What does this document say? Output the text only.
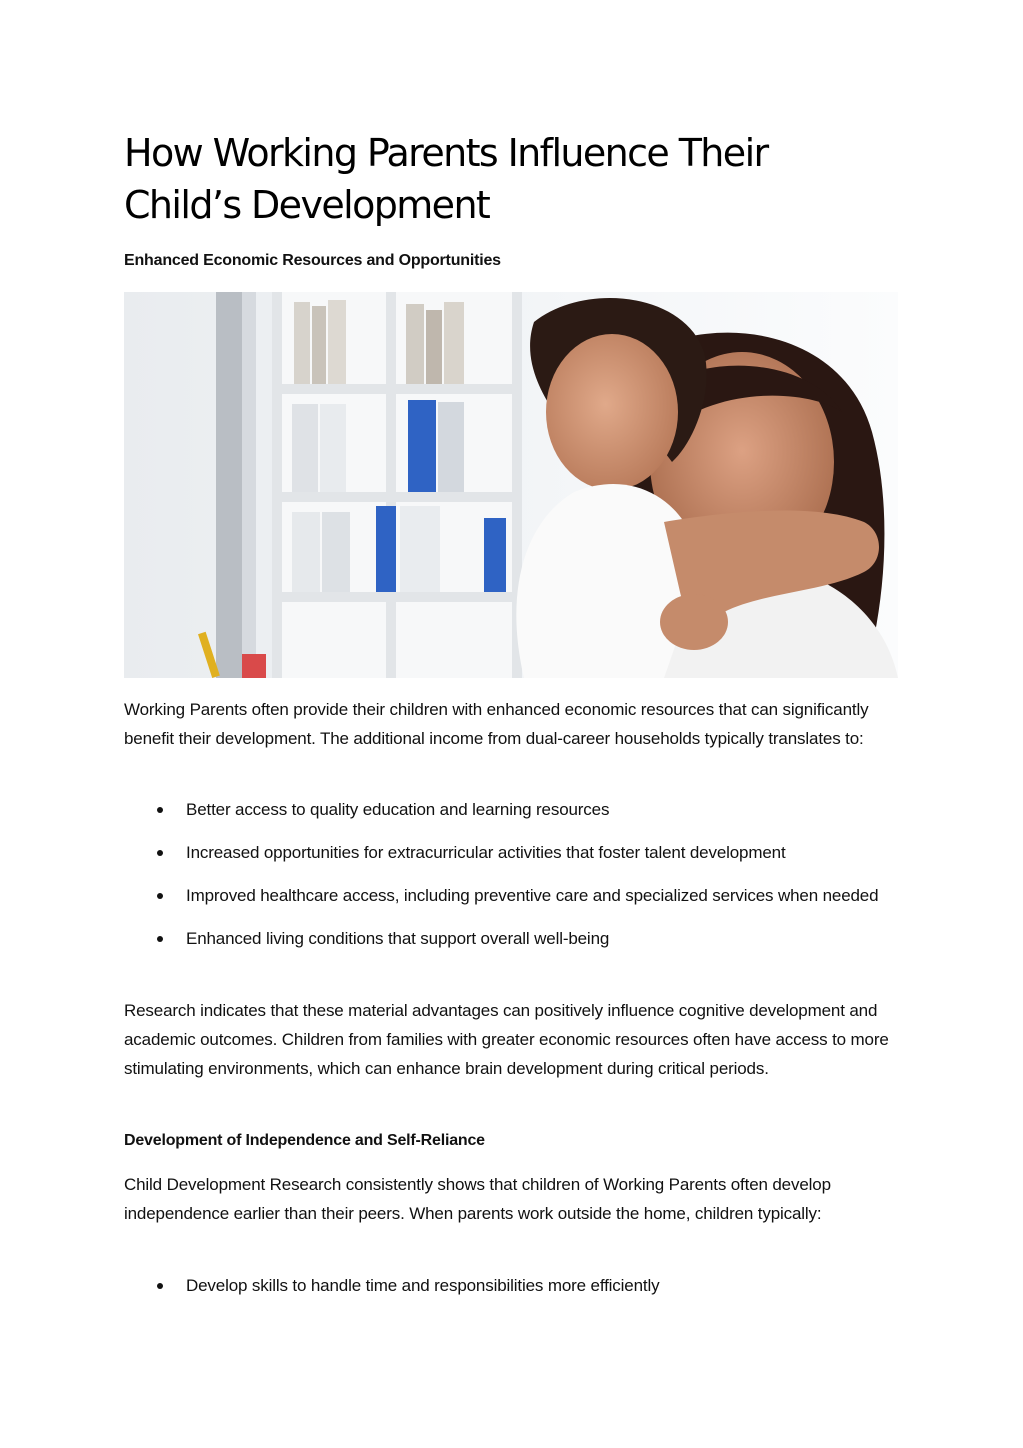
How Working Parents Influence Their
Child’s Development
Enhanced Economic Resources and Opportunities

Working Parents often provide their children with enhanced economic resources that can significantly benefit their development. The additional income from dual-career households typically translates to:

Better access to quality education and learning resources
Increased opportunities for extracurricular activities that foster talent development
Improved healthcare access, including preventive care and specialized services when needed
Enhanced living conditions that support overall well-being

Research indicates that these material advantages can positively influence cognitive development and academic outcomes. Children from families with greater economic resources often have access to more stimulating environments, which can enhance brain development during critical periods.

Development of Independence and Self-Reliance

Child Development Research consistently shows that children of Working Parents often develop independence earlier than their peers. When parents work outside the home, children typically:

Develop skills to handle time and responsibilities more efficiently
